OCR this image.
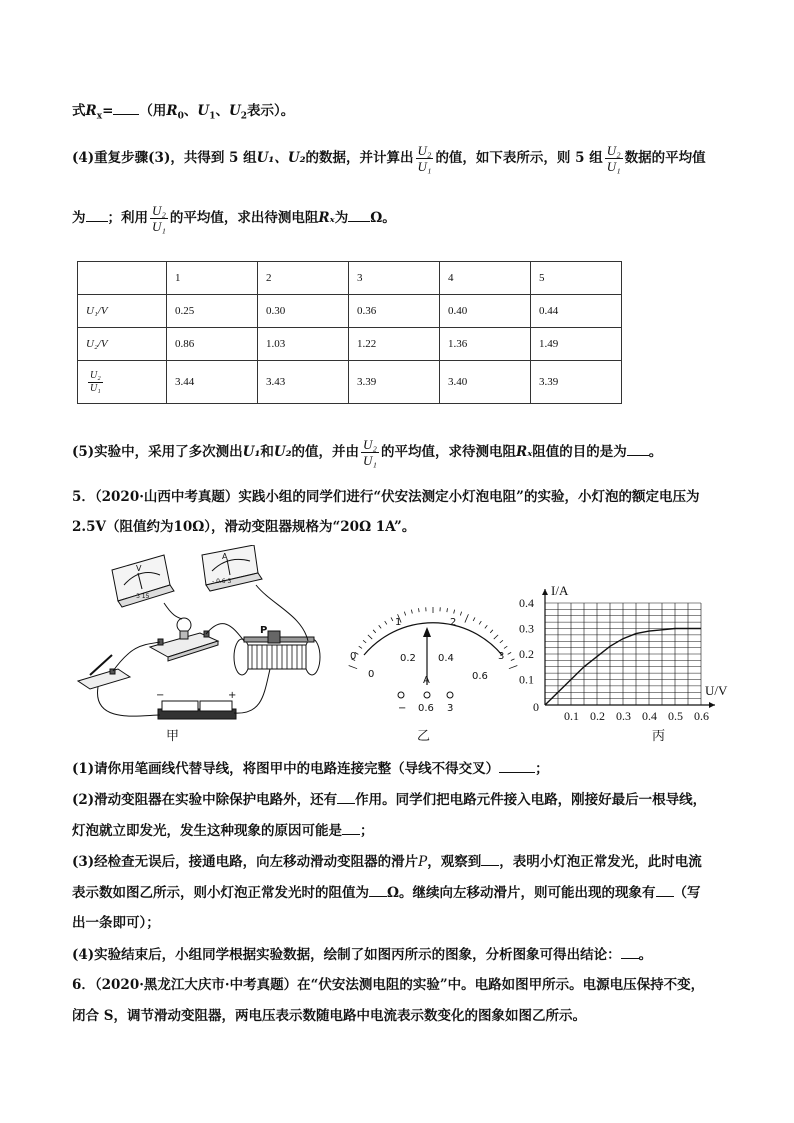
式$R_x=$ （用$R_0$、$U_1$、$U_2$表示）。
(4)重复步骤(3)，共得到 5 组U₁、U₂的数据，并计算出 $\frac{\text{U₂}}{\text{U₁}}$ 的值，如下表所示，则 5 组 $\frac{\text{U₂}}{\text{U₁}}$ 数据的平均值
为 ；利用 $\frac{\text{U₂}}{\text{U₁}}$ 的平均值，求出待测电阻Rₓ为 Ω。
	1	2	3	4	5
U₁/V	0.25	0.30	0.36	0.40	0.44
U₂/V	0.86	1.03	1.22	1.36	1.49

$\frac{\text{U₂}}{\text{U₁}}$	3.44	3.43	3.39	3.40	3.39
(5)实验中，采用了多次测出U₁和U₂的值，并由 $\frac{\text{U₂}}{\text{U₁}}$ 的平均值，求待测电阻Rₓ阻值的目的是为 。
5．（2020·山西中考真题）实践小组的同学们进行“伏安法测定小灯泡电阻”的实验，小灯泡的额定电压为
2.5V（阻值约为10Ω），滑动变阻器规格为“20Ω 1A”。
V
- 3 15
A
- 0.6 3
P
−	+
0
1	2
3
0
0.2 0.4
0.6
A
− 0.6 3
0.1 0.2 0.3 0.4 0.5 0.6
0.1
0.2
0.3
0.4
0
U/V
I/A
甲	乙	丙
(1)请你用笔画线代替导线，将图甲中的电路连接完整（导线不得交叉）	；
(2)滑动变阻器在实验中除保护电路外，还有 作用。同学们把电路元件接入电路，刚接好最后一根导线，
灯泡就立即发光，发生这种现象的原因可能是 ；
(3)经检查无误后，接通电路，向左移动滑动变阻器的滑片P，观察到 ，表明小灯泡正常发光，此时电流
表示数如图乙所示，则小灯泡正常发光时的阻值为 Ω。继续向左移动滑片，则可能出现的现象有 （写
出一条即可）；
(4)实验结束后，小组同学根据实验数据，绘制了如图丙所示的图象，分析图象可得出结论： 。
6．（2020·黑龙江大庆市·中考真题）在“伏安法测电阻的实验”中。电路如图甲所示。电源电压保持不变，
闭合 S，调节滑动变阻器，两电压表示数随电路中电流表示数变化的图象如图乙所示。
